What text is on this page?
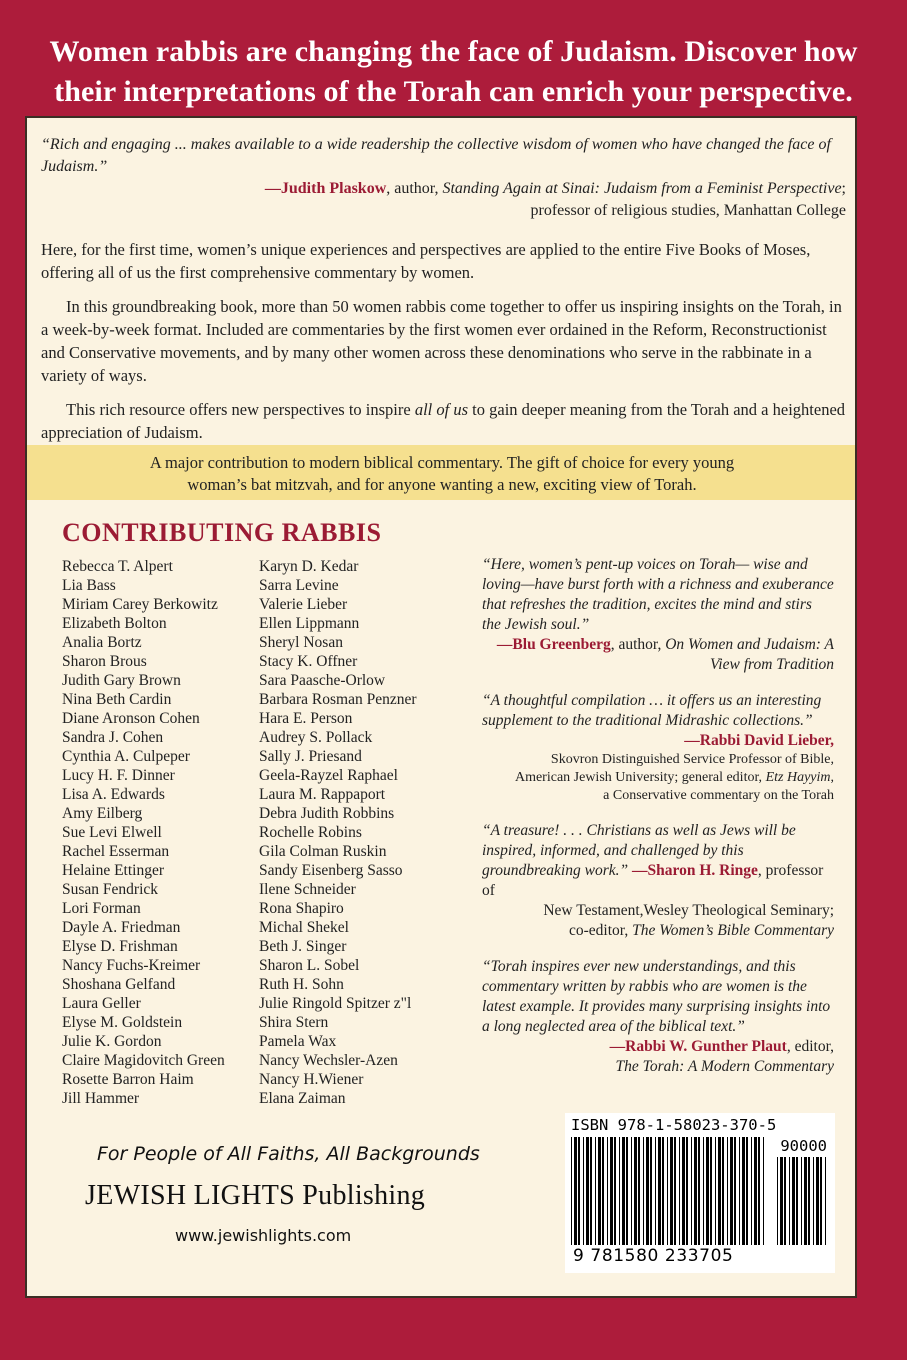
Women rabbis are changing the face of Judaism. Discover how
their interpretations of the Torah can enrich your perspective.
“Rich and engaging ... makes available to a wide readership the collective wisdom of women who have changed the face of Judaism.”
—Judith Plaskow, author, Standing Again at Sinai: Judaism from a Feminist Perspective;
professor of religious studies, Manhattan College

Here, for the first time, women’s unique experiences and perspectives are applied to the entire Five Books of Moses, offering all of us the first comprehensive commentary by women.

In this groundbreaking book, more than 50 women rabbis come together to offer us inspiring insights on the Torah, in a week-by-week format. Included are commentaries by the first women ever ordained in the Reform, Reconstructionist and Conservative movements, and by many other women across these denominations who serve in the rabbinate in a variety of ways.

This rich resource offers new perspectives to inspire all of us to gain deeper meaning from the Torah and a heightened appreciation of Judaism.

A major contribution to modern biblical commentary. The gift of choice for every young
woman’s bat mitzvah, and for anyone wanting a new, exciting view of Torah.
CONTRIBUTING RABBIS
Rebecca T. Alpert
Lia Bass
Miriam Carey Berkowitz
Elizabeth Bolton
Analia Bortz
Sharon Brous
Judith Gary Brown
Nina Beth Cardin
Diane Aronson Cohen
Sandra J. Cohen
Cynthia A. Culpeper
Lucy H. F. Dinner
Lisa A. Edwards
Amy Eilberg
Sue Levi Elwell
Rachel Esserman
Helaine Ettinger
Susan Fendrick
Lori Forman
Dayle A. Friedman
Elyse D. Frishman
Nancy Fuchs-Kreimer
Shoshana Gelfand
Laura Geller
Elyse M. Goldstein
Julie K. Gordon
Claire Magidovitch Green
Rosette Barron Haim
Jill Hammer
Karyn D. Kedar
Sarra Levine
Valerie Lieber
Ellen Lippmann
Sheryl Nosan
Stacy K. Offner
Sara Paasche-Orlow
Barbara Rosman Penzner
Hara E. Person
Audrey S. Pollack
Sally J. Priesand
Geela-Rayzel Raphael
Laura M. Rappaport
Debra Judith Robbins
Rochelle Robins
Gila Colman Ruskin
Sandy Eisenberg Sasso
Ilene Schneider
Rona Shapiro
Michal Shekel
Beth J. Singer
Sharon L. Sobel
Ruth H. Sohn
Julie Ringold Spitzer z"l
Shira Stern
Pamela Wax
Nancy Wechsler-Azen
Nancy H.Wiener
Elana Zaiman
“Here, women’s pent-up voices on Torah— wise and loving—have burst forth with a richness and exuberance that refreshes the tradition, excites the mind and stirs the Jewish soul.”
—Blu Greenberg, author, On Women and Judaism: A View from Tradition
“A thoughtful compilation … it offers us an interesting supplement to the traditional Midrashic collections.”
—Rabbi David Lieber,
Skovron Distinguished Service Professor of Bible,
American Jewish University; general editor, Etz Hayyim,
a Conservative commentary on the Torah
“A treasure! . . . Christians as well as Jews will be inspired, informed, and challenged by this groundbreaking work.” —Sharon H. Ringe, professor of
New Testament,Wesley Theological Seminary;
co-editor, The Women’s Bible Commentary
“Torah inspires ever new understandings, and this commentary written by rabbis who are women is the latest example. It provides many surprising insights into a long neglected area of the biblical text.”
—Rabbi W. Gunther Plaut, editor,
The Torah: A Modern Commentary
For People of All Faiths, All Backgrounds
JEWISH LIGHTS Publishing
www.jewishlights.com
ISBN 978-1-58023-370-5
90000
9 781580 233705
